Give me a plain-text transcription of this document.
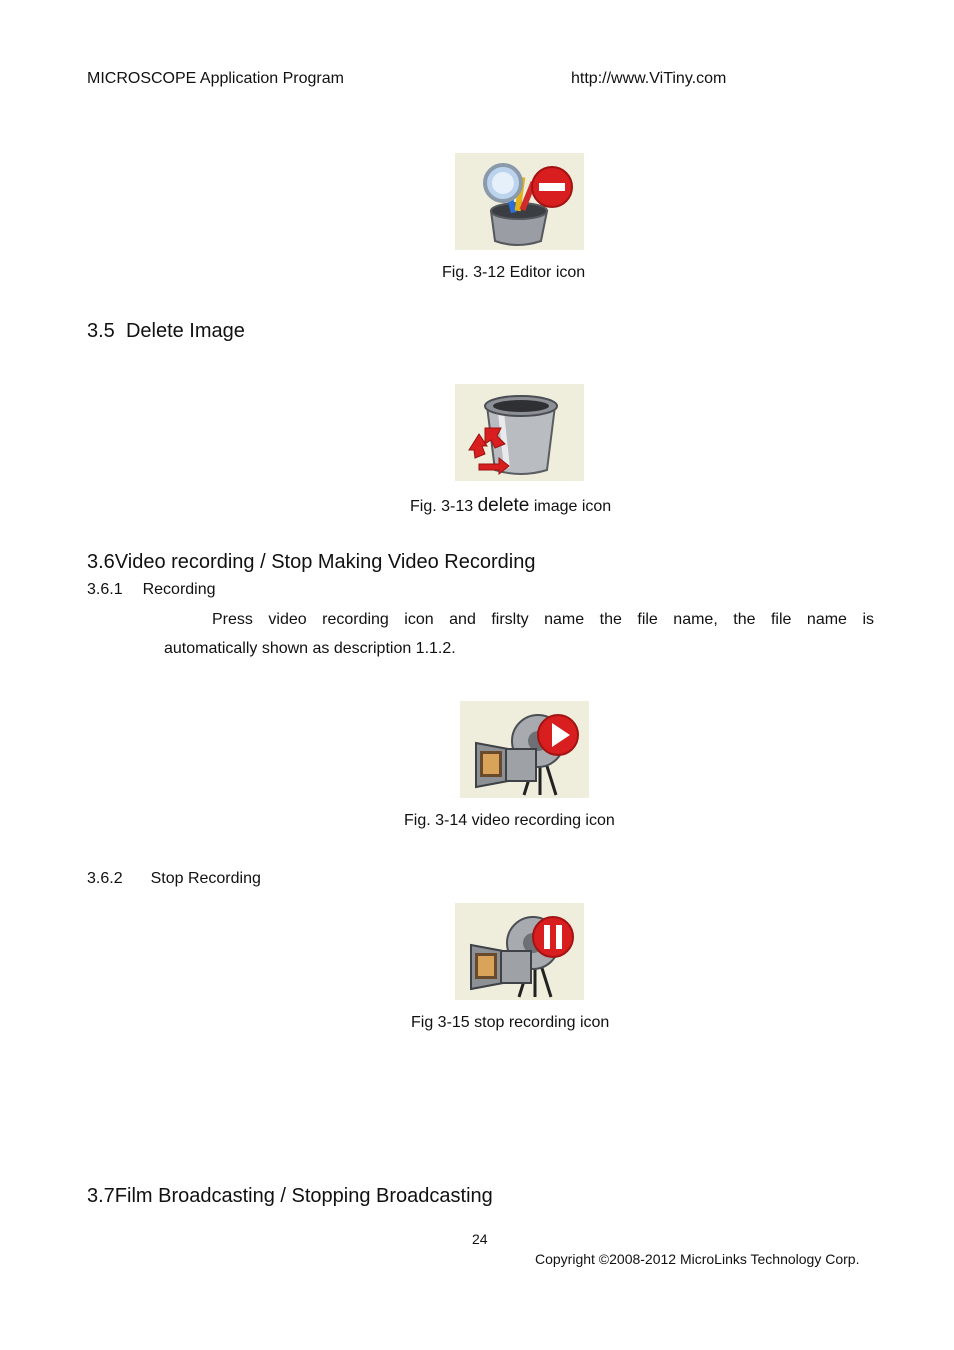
MICROSCOPE Application Program	http://www.ViTiny.com
Fig. 3-12 Editor icon
3.5 Delete Image
Fig. 3-13 delete image icon
3.6Video recording / Stop Making Video Recording
3.6.1 Recording
Press video recording icon and firslty name the file name, the file name is
automatically shown as description 1.1.2.
Fig. 3-14 video recording icon
3.6.2 Stop Recording
Fig 3-15 stop recording icon
3.7Film Broadcasting / Stopping Broadcasting
24
Copyright ©2008-2012 MicroLinks Technology Corp.
